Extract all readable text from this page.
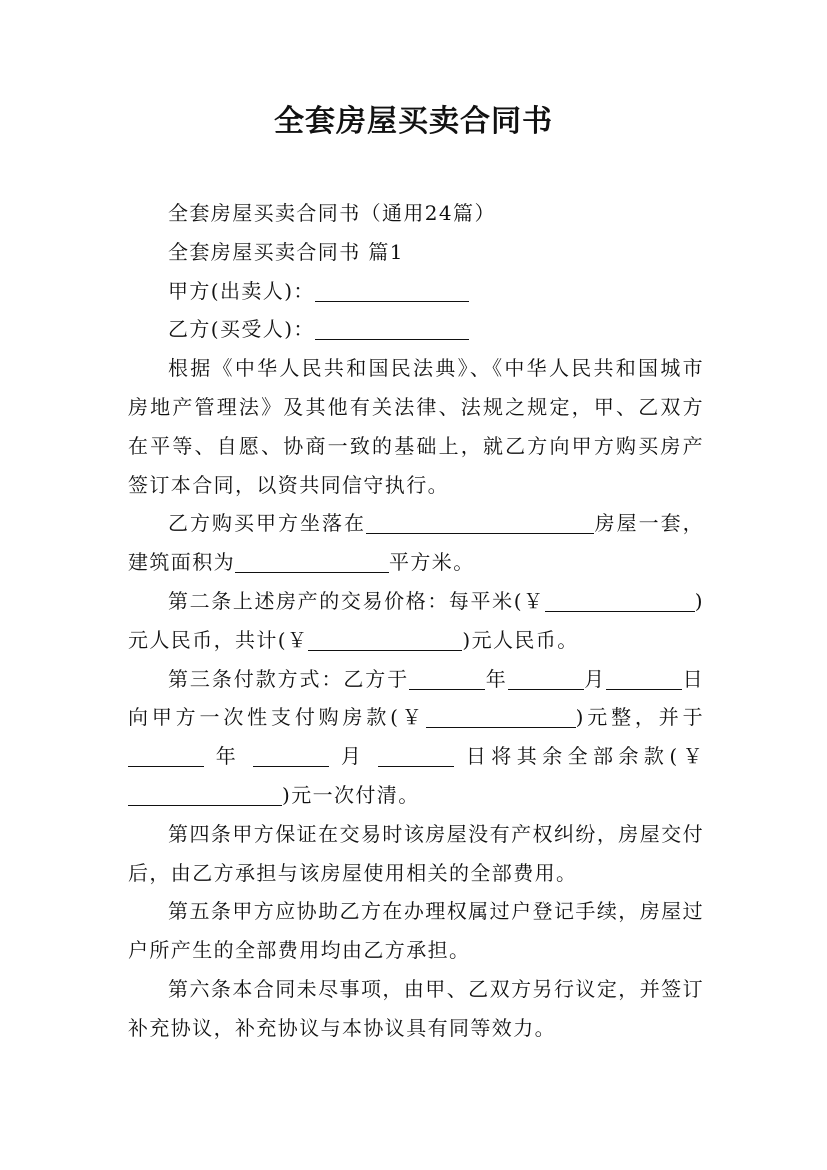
全套房屋买卖合同书

全套房屋买卖合同书（通用24篇）

全套房屋买卖合同书 篇1

甲方(出卖人)：

乙方(买受人)：

根据《中华人民共和国民法典》、《中华人民共和国城市房地产管理法》及其他有关法律、法规之规定，甲、乙双方在平等、自愿、协商一致的基础上，就乙方向甲方购买房产签订本合同，以资共同信守执行。

乙方购买甲方坐落在	房屋一套，建筑面积为	平方米。

第二条上述房产的交易价格：每平米(￥	)元人民币，共计(￥	)元人民币。

第三条付款方式：乙方于	年	月	日向甲方一次性支付购房款(￥	)元整，并于 年	月	日将其余全部余款(￥)元一次付清。

第四条甲方保证在交易时该房屋没有产权纠纷，房屋交付后，由乙方承担与该房屋使用相关的全部费用。

第五条甲方应协助乙方在办理权属过户登记手续，房屋过户所产生的全部费用均由乙方承担。

第六条本合同未尽事项，由甲、乙双方另行议定，并签订补充协议，补充协议与本协议具有同等效力。
